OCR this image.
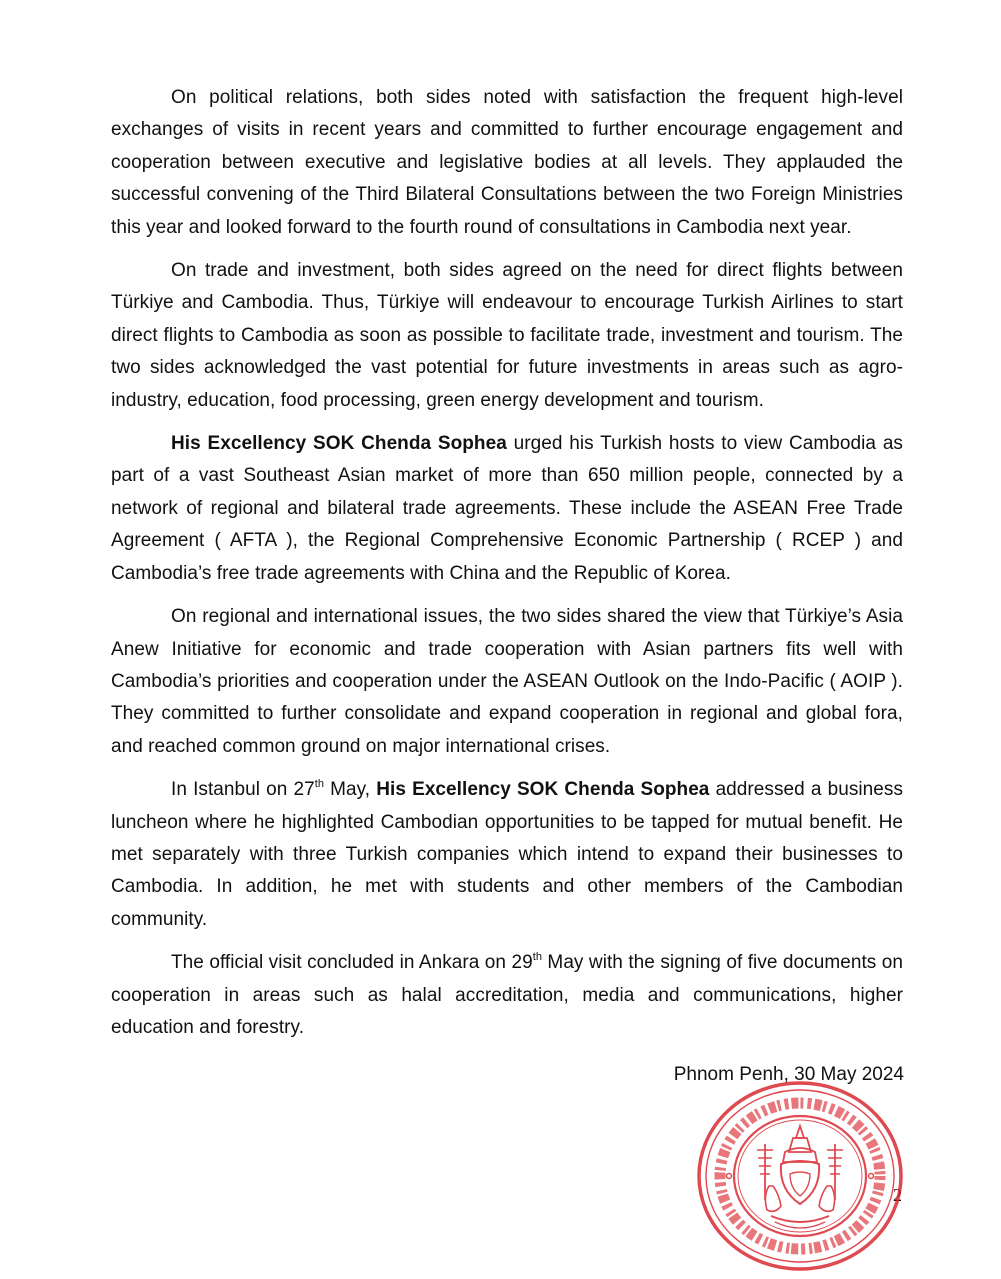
On political relations, both sides noted with satisfaction the frequent high-level exchanges of visits in recent years and committed to further encourage engagement and cooperation between executive and legislative bodies at all levels. They applauded the successful convening of the Third Bilateral Consultations between the two Foreign Ministries this year and looked forward to the fourth round of consultations in Cambodia next year.

On trade and investment, both sides agreed on the need for direct flights between Türkiye and Cambodia. Thus, Türkiye will endeavour to encourage Turkish Airlines to start direct flights to Cambodia as soon as possible to facilitate trade, investment and tourism. The two sides acknowledged the vast potential for future investments in areas such as agro-industry, education, food processing, green energy development and tourism.

His Excellency SOK Chenda Sophea urged his Turkish hosts to view Cambodia as part of a vast Southeast Asian market of more than 650 million people, connected by a network of regional and bilateral trade agreements. These include the ASEAN Free Trade Agreement ( AFTA ), the Regional Comprehensive Economic Partnership ( RCEP ) and Cambodia’s free trade agreements with China and the Republic of Korea.

On regional and international issues, the two sides shared the view that Türkiye’s Asia Anew Initiative for economic and trade cooperation with Asian partners fits well with Cambodia’s priorities and cooperation under the ASEAN Outlook on the Indo-Pacific ( AOIP ). They committed to further consolidate and expand cooperation in regional and global fora, and reached common ground on major international crises.

In Istanbul on 27th May, His Excellency SOK Chenda Sophea addressed a business luncheon where he highlighted Cambodian opportunities to be tapped for mutual benefit. He met separately with three Turkish companies which intend to expand their businesses to Cambodia. In addition, he met with students and other members of the Cambodian community.

The official visit concluded in Ankara on 29th May with the signing of five documents on cooperation in areas such as halal accreditation, media and communications, higher education and forestry.

Phnom Penh, 30 May 2024

2
